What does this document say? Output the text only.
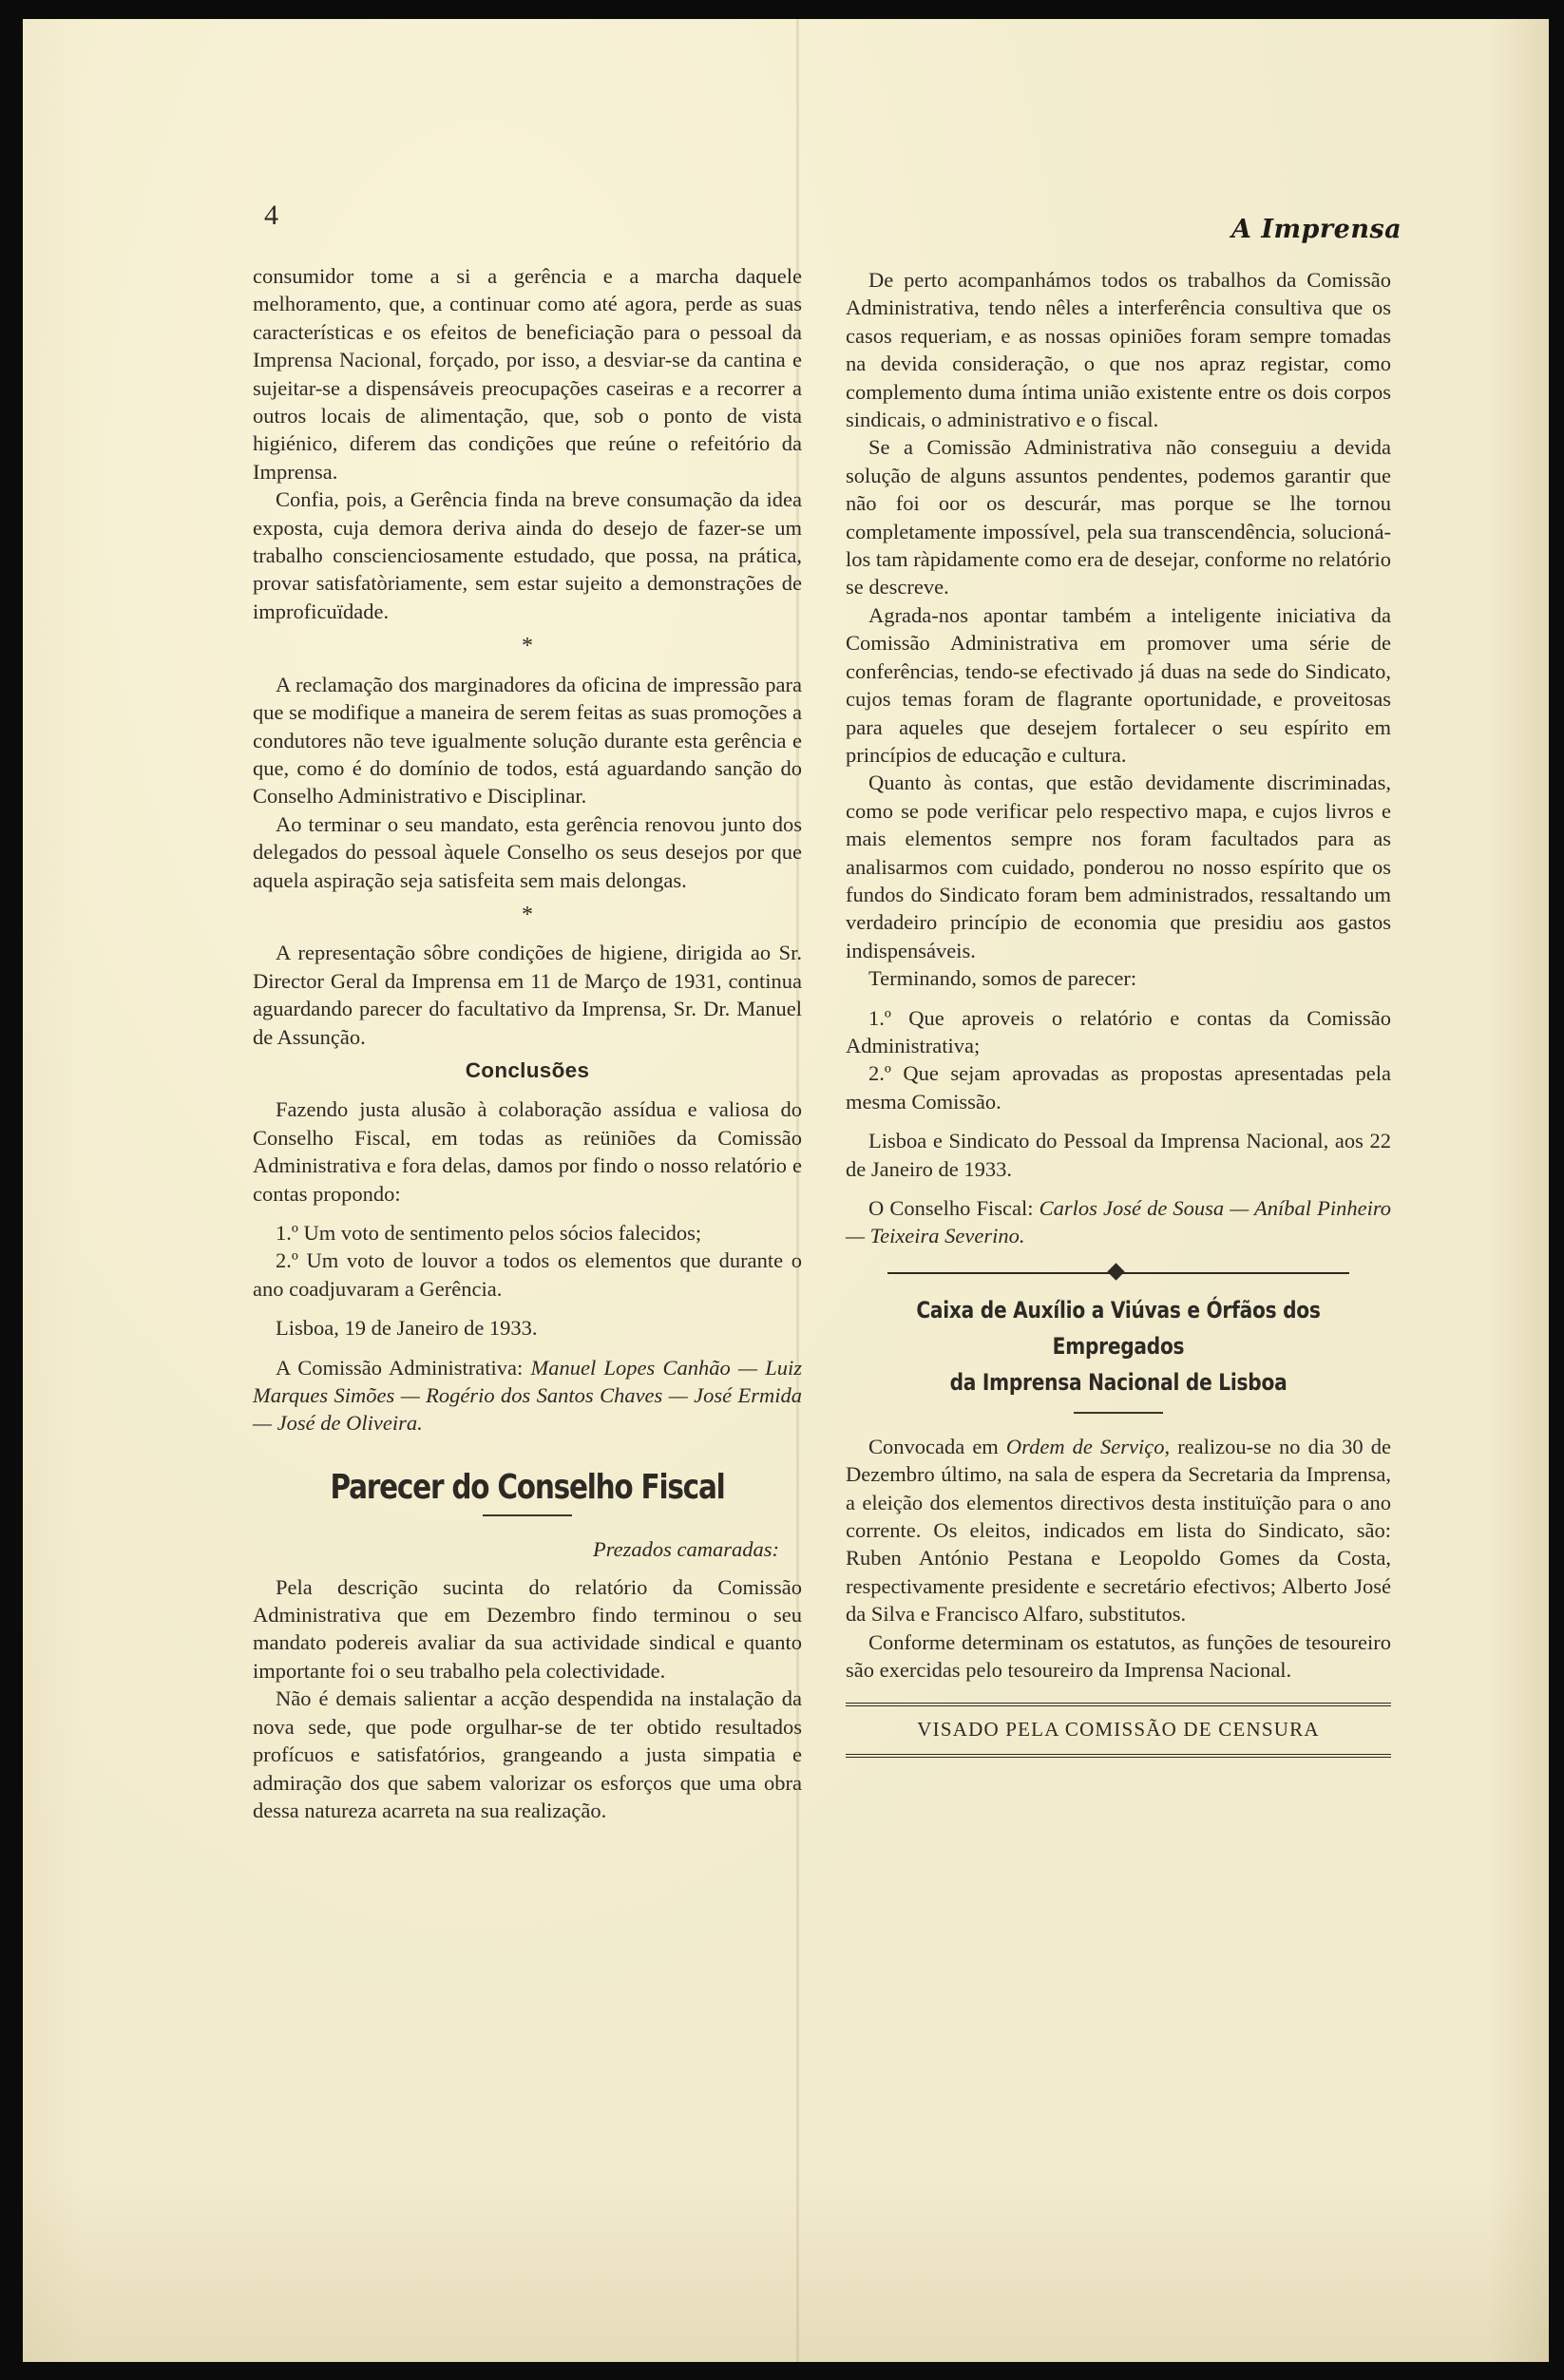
4	A Imprensa

consumidor tome a si a gerência e a marcha daquele melhoramento, que, a continuar como até agora, perde as suas características e os efeitos de beneficiação para o pessoal da Imprensa Nacional, forçado, por isso, a desviar-se da cantina e sujeitar-se a dispensáveis preocupações caseiras e a recorrer a outros locais de alimentação, que, sob o ponto de vista higiénico, diferem das condições que reúne o refeitório da Imprensa.

Confia, pois, a Gerência finda na breve consumação da idea exposta, cuja demora deriva ainda do desejo de fazer-se um trabalho conscienciosamente estudado, que possa, na prática, provar satisfatòriamente, sem estar sujeito a demonstrações de improficuïdade.

*

A reclamação dos marginadores da oficina de impressão para que se modifique a maneira de serem feitas as suas promoções a condutores não teve igualmente solução durante esta gerência e que, como é do domínio de todos, está aguardando sanção do Conselho Administrativo e Disciplinar.

Ao terminar o seu mandato, esta gerência renovou junto dos delegados do pessoal àquele Conselho os seus desejos por que aquela aspiração seja satisfeita sem mais delongas.

*

A representação sôbre condições de higiene, dirigida ao Sr. Director Geral da Imprensa em 11 de Março de 1931, continua aguardando parecer do facultativo da Imprensa, Sr. Dr. Manuel de Assunção.

Conclusões

Fazendo justa alusão à colaboração assídua e valiosa do Conselho Fiscal, em todas as reüniões da Comissão Administrativa e fora delas, damos por findo o nosso relatório e contas propondo:

1.º Um voto de sentimento pelos sócios falecidos;

2.º Um voto de louvor a todos os elementos que durante o ano coadjuvaram a Gerência.

Lisboa, 19 de Janeiro de 1933.

A Comissão Administrativa: Manuel Lopes Canhão — Luiz Marques Simões — Rogério dos Santos Chaves — José Ermida — José de Oliveira.

Parecer do Conselho Fiscal
Prezados camaradas:

Pela descrição sucinta do relatório da Comissão Administrativa que em Dezembro findo terminou o seu mandato podereis avaliar da sua actividade sindical e quanto importante foi o seu trabalho pela colectividade.

Não é demais salientar a acção despendida na instalação da nova sede, que pode orgulhar-se de ter obtido resultados profícuos e satisfatórios, grangeando a justa simpatia e admiração dos que sabem valorizar os esforços que uma obra dessa natureza acarreta na sua realização.

De perto acompanhámos todos os trabalhos da Comissão Administrativa, tendo nêles a interferência consultiva que os casos requeriam, e as nossas opiniões foram sempre tomadas na devida consideração, o que nos apraz registar, como complemento duma íntima união existente entre os dois corpos sindicais, o administrativo e o fiscal.

Se a Comissão Administrativa não conseguiu a devida solução de alguns assuntos pendentes, podemos garantir que não foi oor os descurár, mas porque se lhe tornou completamente impossível, pela sua transcendência, solucioná-los tam ràpidamente como era de desejar, conforme no relatório se descreve.

Agrada-nos apontar também a inteligente iniciativa da Comissão Administrativa em promover uma série de conferências, tendo-se efectivado já duas na sede do Sindicato, cujos temas foram de flagrante oportunidade, e proveitosas para aqueles que desejem fortalecer o seu espírito em princípios de educação e cultura.

Quanto às contas, que estão devidamente discriminadas, como se pode verificar pelo respectivo mapa, e cujos livros e mais elementos sempre nos foram facultados para as analisarmos com cuidado, ponderou no nosso espírito que os fundos do Sindicato foram bem administrados, ressaltando um verdadeiro princípio de economia que presidiu aos gastos indispensáveis.

Terminando, somos de parecer:

1.º Que aproveis o relatório e contas da Comissão Administrativa;

2.º Que sejam aprovadas as propostas apresentadas pela mesma Comissão.

Lisboa e Sindicato do Pessoal da Imprensa Nacional, aos 22 de Janeiro de 1933.

O Conselho Fiscal: Carlos José de Sousa — Aníbal Pinheiro — Teixeira Severino.

Caixa de Auxílio a Viúvas e Órfãos dos Empregados
da Imprensa Nacional de Lisboa

Convocada em Ordem de Serviço, realizou-se no dia 30 de Dezembro último, na sala de espera da Secretaria da Imprensa, a eleição dos elementos directivos desta instituïção para o ano corrente. Os eleitos, indicados em lista do Sindicato, são: Ruben António Pestana e Leopoldo Gomes da Costa, respectivamente presidente e secretário efectivos; Alberto José da Silva e Francisco Alfaro, substitutos.

Conforme determinam os estatutos, as funções de tesoureiro são exercidas pelo tesoureiro da Imprensa Nacional.

VISADO PELA COMISSÃO DE CENSURA
